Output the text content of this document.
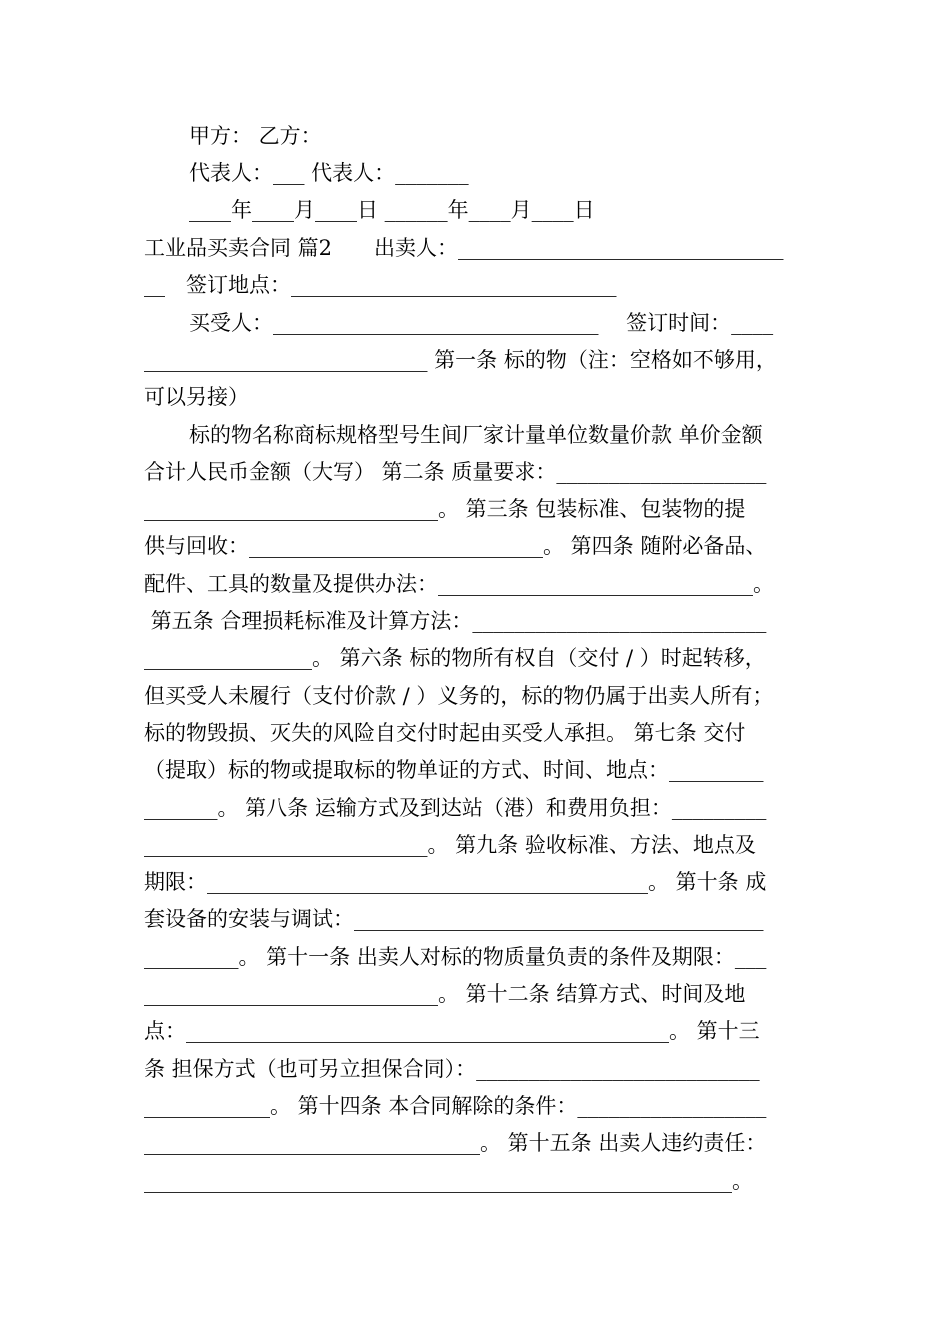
甲方： 乙方：
代表人：___ 代表人：_______
____年____月____日 ______年____月____日
工业品买卖合同 篇2　　出卖人：_______________________________
__　签订地点：_______________________________
买受人：_______________________________　 签订时间：____
___________________________ 第一条 标的物（注：空格如不够用，
可以另接）
标的物名称商标规格型号生间厂家计量单位数量价款 单价金额
合计人民币金额（大写） 第二条 质量要求：____________________
____________________________。 第三条 包装标准、包装物的提
供与回收：____________________________。 第四条 随附必备品、
配件、工具的数量及提供办法：______________________________。
第五条 合理损耗标准及计算方法：____________________________
________________。 第六条 标的物所有权自（交付 / ）时起转移，
但买受人未履行（支付价款 / ）义务的，标的物仍属于出卖人所有；
标的物毁损、灭失的风险自交付时起由买受人承担。 第七条 交付
（提取）标的物或提取标的物单证的方式、时间、地点：_________
_______。 第八条 运输方式及到达站（港）和费用负担：_________
___________________________。 第九条 验收标准、方法、地点及
期限：__________________________________________。 第十条 成
套设备的安装与调试：_______________________________________
_________。 第十一条 出卖人对标的物质量负责的条件及期限：___
____________________________。 第十二条 结算方式、时间及地
点：______________________________________________。 第十三
条 担保方式（也可另立担保合同）：___________________________
____________。 第十四条 本合同解除的条件：__________________
________________________________。 第十五条 出卖人违约责任：
________________________________________________________。
